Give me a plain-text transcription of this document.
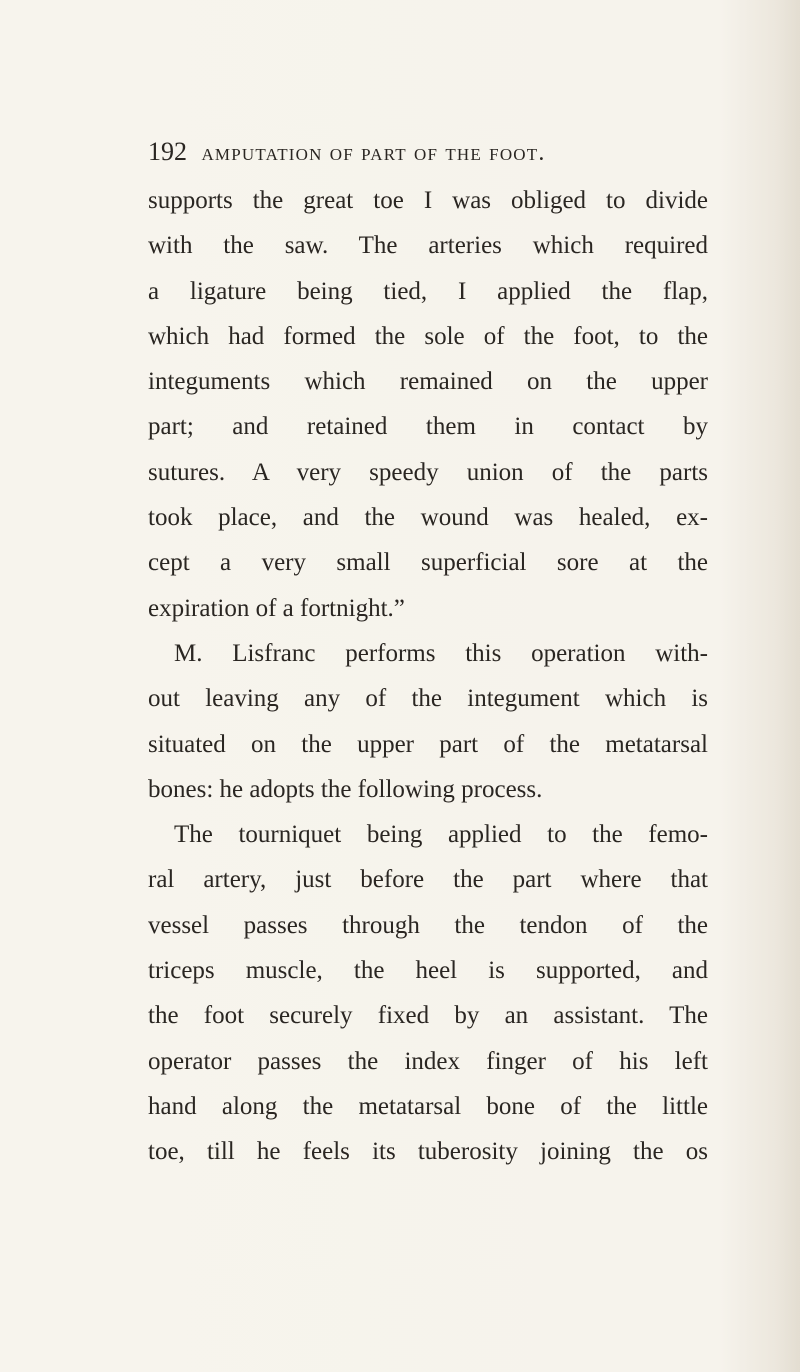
192 amputation of part of the foot.
supports the great toe I was obliged to divide
with the saw. The arteries which required
a ligature being tied, I applied the flap,
which had formed the sole of the foot, to the
integuments which remained on the upper
part; and retained them in contact by
sutures. A very speedy union of the parts
took place, and the wound was healed, ex-
cept a very small superficial sore at the
expiration of a fortnight.”
M. Lisfranc performs this operation with-
out leaving any of the integument which is
situated on the upper part of the metatarsal
bones: he adopts the following process.
The tourniquet being applied to the femo-
ral artery, just before the part where that
vessel passes through the tendon of the
triceps muscle, the heel is supported, and
the foot securely fixed by an assistant. The
operator passes the index finger of his left
hand along the metatarsal bone of the little
toe, till he feels its tuberosity joining the os
